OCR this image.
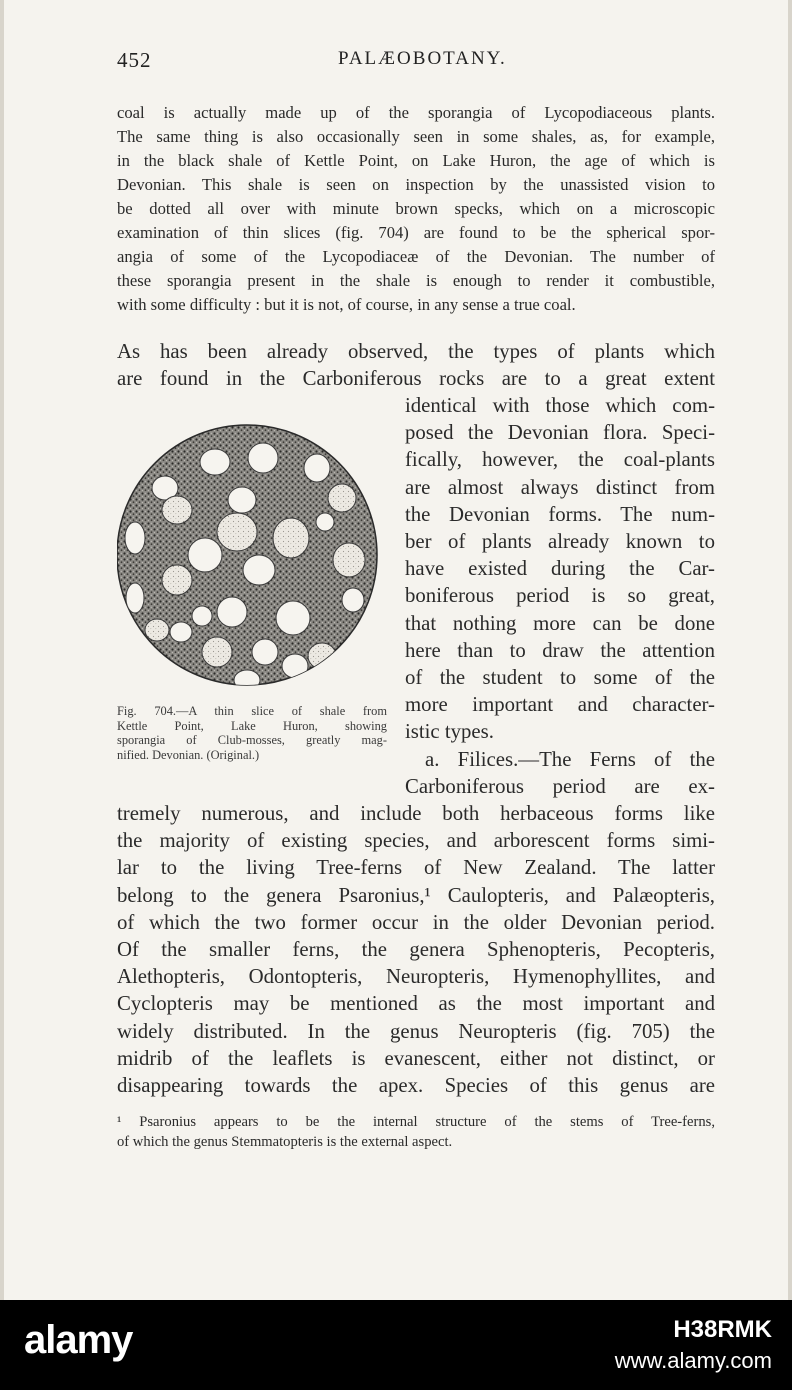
452	PALÆOBOTANY.

coal is actually made up of the sporangia of Lycopodiaceous plants.
The same thing is also occasionally seen in some shales, as, for example,
in the black shale of Kettle Point, on Lake Huron, the age of which is
Devonian. This shale is seen on inspection by the unassisted vision to
be dotted all over with minute brown specks, which on a microscopic
examination of thin slices (fig. 704) are found to be the spherical spor-
angia of some of the Lycopodiaceæ of the Devonian. The number of
these sporangia present in the shale is enough to render it combustible,
with some difficulty : but it is not, of course, in any sense a true coal.

As has been already observed, the types of plants which
are found in the Carboniferous rocks are to a great extent
identical with those which com-
posed the Devonian flora. Speci-
fically, however, the coal-plants
are almost always distinct from
the Devonian forms. The num-
ber of plants already known to
have existed during the Car-
boniferous period is so great,
that nothing more can be done
here than to draw the attention
of the student to some of the
more important and character-
istic types.
a. Filices.—The Ferns of the
Carboniferous period are ex-
tremely numerous, and include both herbaceous forms like
the majority of existing species, and arborescent forms simi-
lar to the living Tree-ferns of New Zealand. The latter
belong to the genera Psaronius,¹ Caulopteris, and Palæopteris,
of which the two former occur in the older Devonian period.
Of the smaller ferns, the genera Sphenopteris, Pecopteris,
Alethopteris, Odontopteris, Neuropteris, Hymenophyllites, and
Cyclopteris may be mentioned as the most important and
widely distributed. In the genus Neuropteris (fig. 705) the
midrib of the leaflets is evanescent, either not distinct, or
disappearing towards the apex. Species of this genus are
Fig. 704.—A thin slice of shale from
Kettle Point, Lake Huron, showing
sporangia of Club-mosses, greatly mag-
nified. Devonian. (Original.)
¹ Psaronius appears to be the internal structure of the stems of Tree-ferns,
of which the genus Stemmatopteris is the external aspect.
alamy	H38RMK
www.alamy.com
